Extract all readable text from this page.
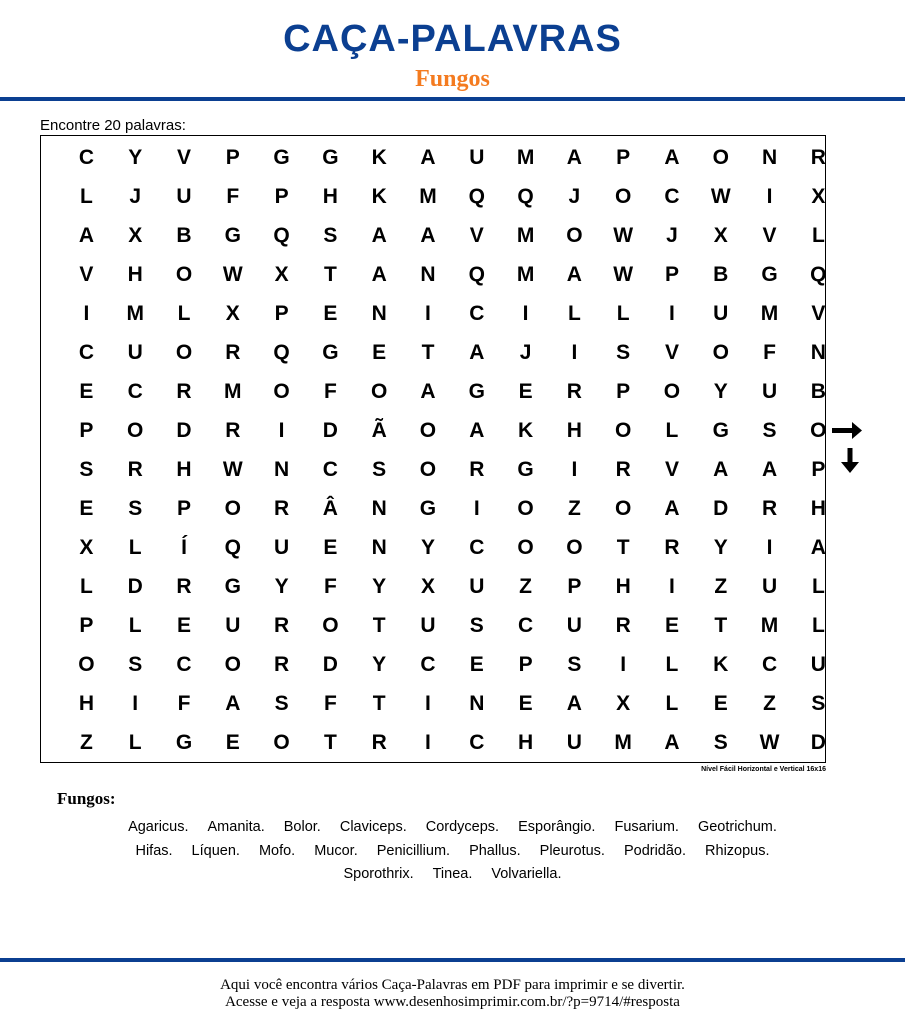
CAÇA-PALAVRAS
Fungos
Encontre 20 palavras:
C	Y	V	P	G	G	K	A	U	M	A	P	A	O	N	R
L	J	U	F	P	H	K	M	Q	Q	J	O	C	W	I	X
A	X	B	G	Q	S	A	A	V	M	O	W	J	X	V	L
V	H	O	W	X	T	A	N	Q	M	A	W	P	B	G	Q
I	M	L	X	P	E	N	I	C	I	L	L	I	U	M	V
C	U	O	R	Q	G	E	T	A	J	I	S	V	O	F	N
E	C	R	M	O	F	O	A	G	E	R	P	O	Y	U	B
P	O	D	R	I	D	Ã	O	A	K	H	O	L	G	S	O
S	R	H	W	N	C	S	O	R	G	I	R	V	A	A	P
E	S	P	O	R	Â	N	G	I	O	Z	O	A	D	R	H
X	L	Í	Q	U	E	N	Y	C	O	O	T	R	Y	I	A
L	D	R	G	Y	F	Y	X	U	Z	P	H	I	Z	U	L
P	L	E	U	R	O	T	U	S	C	U	R	E	T	M	L
O	S	C	O	R	D	Y	C	E	P	S	I	L	K	C	U
H	I	F	A	S	F	T	I	N	E	A	X	L	E	Z	S
Z	L	G	E	O	T	R	I	C	H	U	M	A	S	W	D
Nível Fácil Horizontal e Vertical 16x16
Fungos:
Agaricus. Amanita. Bolor. Claviceps. Cordyceps. Esporângio. Fusarium. Geotrichum.
Hifas. Líquen. Mofo. Mucor. Penicillium. Phallus. Pleurotus. Podridão. Rhizopus.
Sporothrix. Tinea. Volvariella.
Aqui você encontra vários Caça-Palavras em PDF para imprimir e se divertir.
Acesse e veja a resposta www.desenhosimprimir.com.br/?p=9714/#resposta
